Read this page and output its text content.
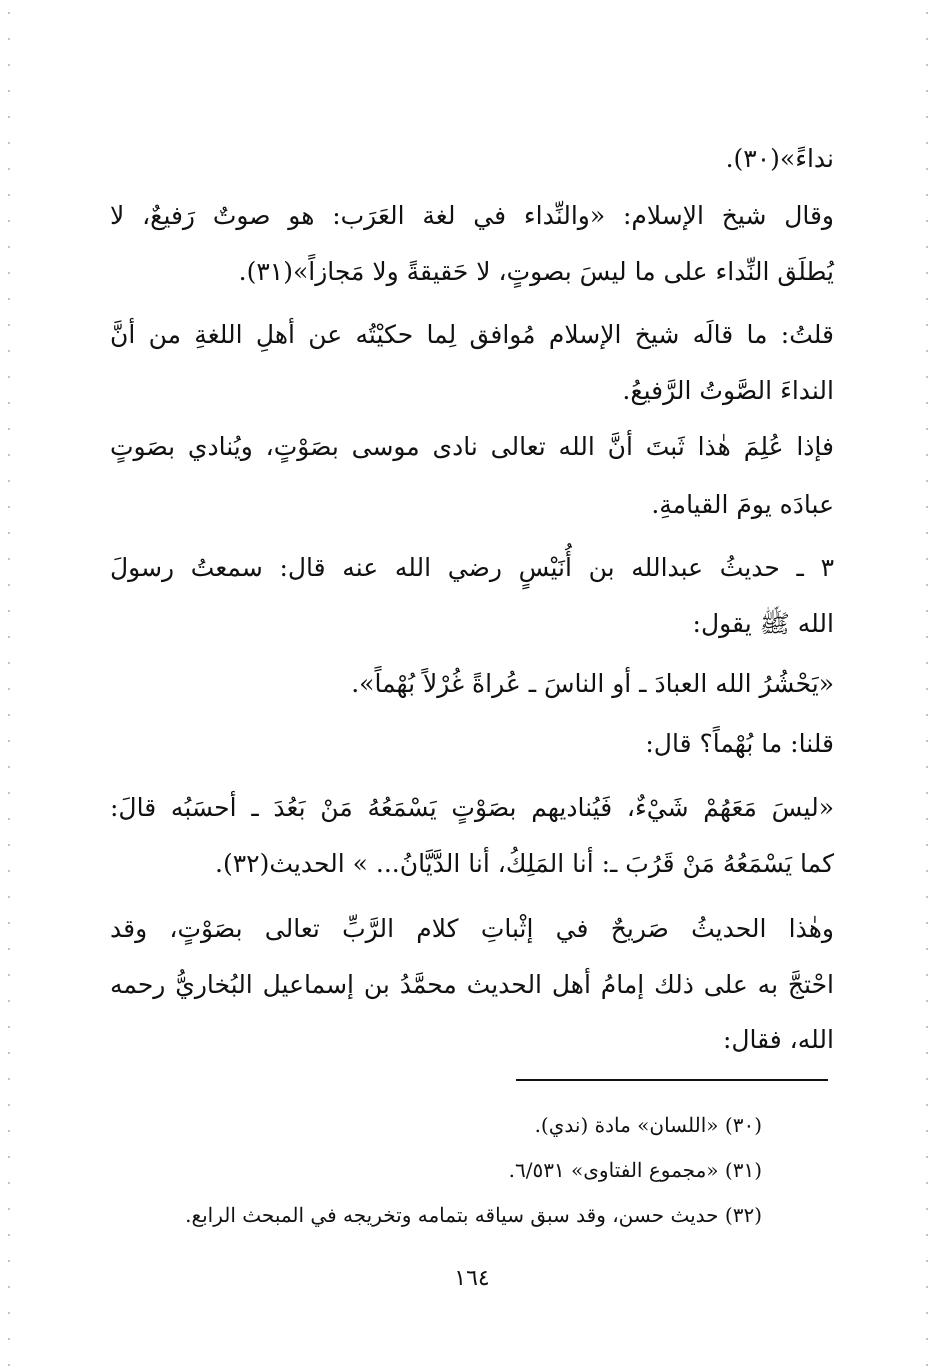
نداءً»(٣٠).
وقال شيخ الإسلام: «والنِّداء في لغة العَرَب: هو صوتٌ رَفيعٌ، لا
يُطلَق النِّداء على ما ليسَ بصوتٍ، لا حَقيقةً ولا مَجازاً»(٣١).
قلتُ: ما قالَه شيخ الإسلام مُوافق لِما حكيْتُه عن أهلِ اللغةِ من أنَّ
النداءَ الصَّوتُ الرَّفيعُ.
فإذا عُلِمَ هٰذا ثَبتَ أنَّ الله تعالى نادى موسى بصَوْتٍ، ويُنادي بصَوتٍ
عبادَه يومَ القيامةِ.
٣ ـ حديثُ عبدالله بن أُنَيْسٍ رضي الله عنه قال: سمعتُ رسولَ
الله ﷺ يقول:
«يَحْشُرُ الله العبادَ ـ أو الناسَ ـ عُراةً غُرْلاً بُهْماً».
قلنا: ما بُهْماً؟ قال:
«ليسَ مَعَهُمْ شَيْءٌ، فَيُناديهم بصَوْتٍ يَسْمَعُهُ مَنْ بَعُدَ ـ أحسَبُه قالَ:
كما يَسْمَعُهُ مَنْ قَرُبَ ـ: أنا المَلِكُ، أنا الدَّيَّانُ... » الحديث(٣٢).
وهٰذا الحديثُ صَريحٌ في إثْباتِ كلام الرَّبِّ تعالى بصَوْتٍ، وقد
احْتجَّ به على ذلك إمامُ أهل الحديث محمَّدُ بن إسماعيل البُخاريُّ رحمه
الله، فقال:
(٣٠) «اللسان» مادة (ندي).
(٣١) «مجموع الفتاوى» ٦/٥٣١.
(٣٢) حديث حسن، وقد سبق سياقه بتمامه وتخريجه في المبحث الرابع.
١٦٤
